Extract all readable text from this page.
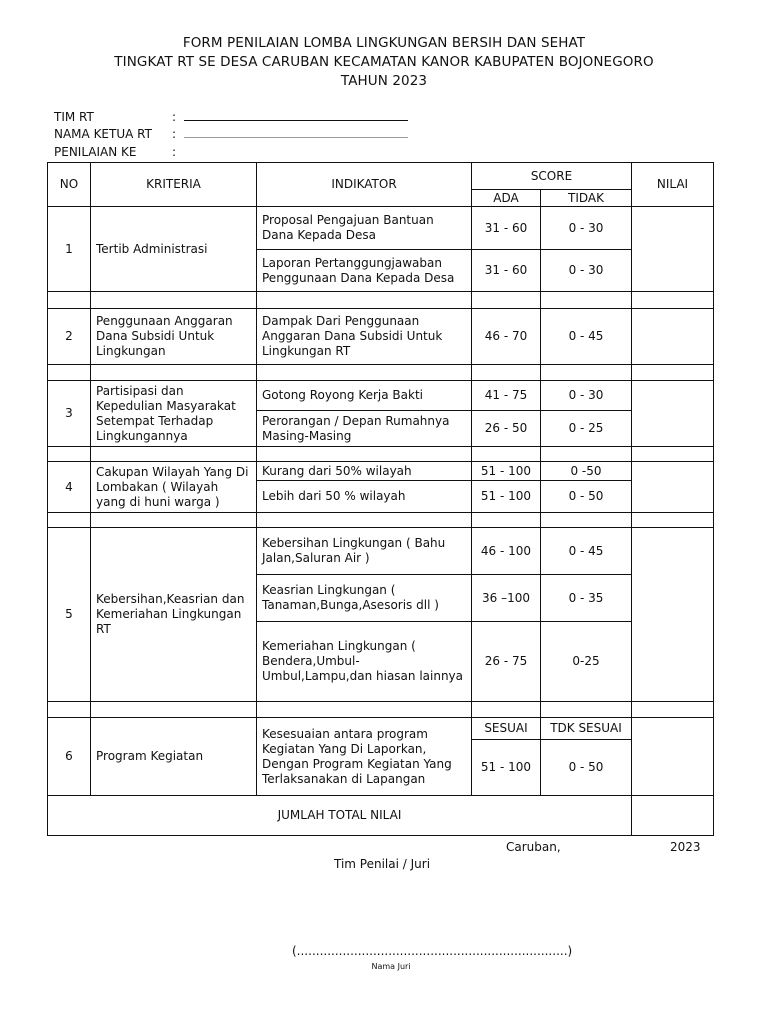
FORM PENILAIAN LOMBA LINGKUNGAN BERSIH DAN SEHAT
TINGKAT RT SE DESA CARUBAN KECAMATAN KANOR KABUPATEN BOJONEGORO
TAHUN 2023
TIM RT	:
NAMA KETUA RT :
PENILAIAN KE	:
NO	KRITERIA	INDIKATOR	SCORE		NILAI
			ADA	TIDAK	
1	Tertib Administrasi	Proposal Pengajuan Bantuan Dana Kepada Desa	31 - 60	0 - 30	
		Laporan Pertanggungjawaban Penggunaan Dana Kepada Desa	31 - 60	0 - 30	

2	Penggunaan Anggaran Dana Subsidi Untuk Lingkungan	Dampak Dari Penggunaan Anggaran Dana Subsidi Untuk Lingkungan RT	46 - 70	0 - 45	

3	Partisipasi dan Kepedulian Masyarakat Setempat Terhadap Lingkungannya	Gotong Royong Kerja Bakti	41 - 75	0 - 30	
		Perorangan / Depan Rumahnya Masing-Masing	26 - 50	0 - 25	

4	Cakupan Wilayah Yang Di Lombakan ( Wilayah yang di huni warga )	Kurang dari 50% wilayah	51 - 100	0 -50	
		Lebih dari 50 % wilayah	51 - 100	0 - 50	

5	Kebersihan,Keasrian dan Kemeriahan Lingkungan RT	Kebersihan Lingkungan ( Bahu Jalan,Saluran Air )	46 - 100	0 - 45	
		Keasrian Lingkungan ( Tanaman,Bunga,Asesoris dll )	36 –100	0 - 35	
		Kemeriahan Lingkungan ( Bendera,Umbul-Umbul,Lampu,dan hiasan lainnya	26 - 75	0-25	

6	Program Kegiatan	Kesesuaian antara program Kegiatan Yang Di Laporkan, Dengan Program Kegiatan Yang Terlaksanakan di Lapangan	SESUAI	TDK SESUAI	
			51 - 100	0 - 50	
JUMLAH TOTAL NILAI					
Caruban,	2023
Tim Penilai / Juri
(.......................................................................)
Nama Juri
